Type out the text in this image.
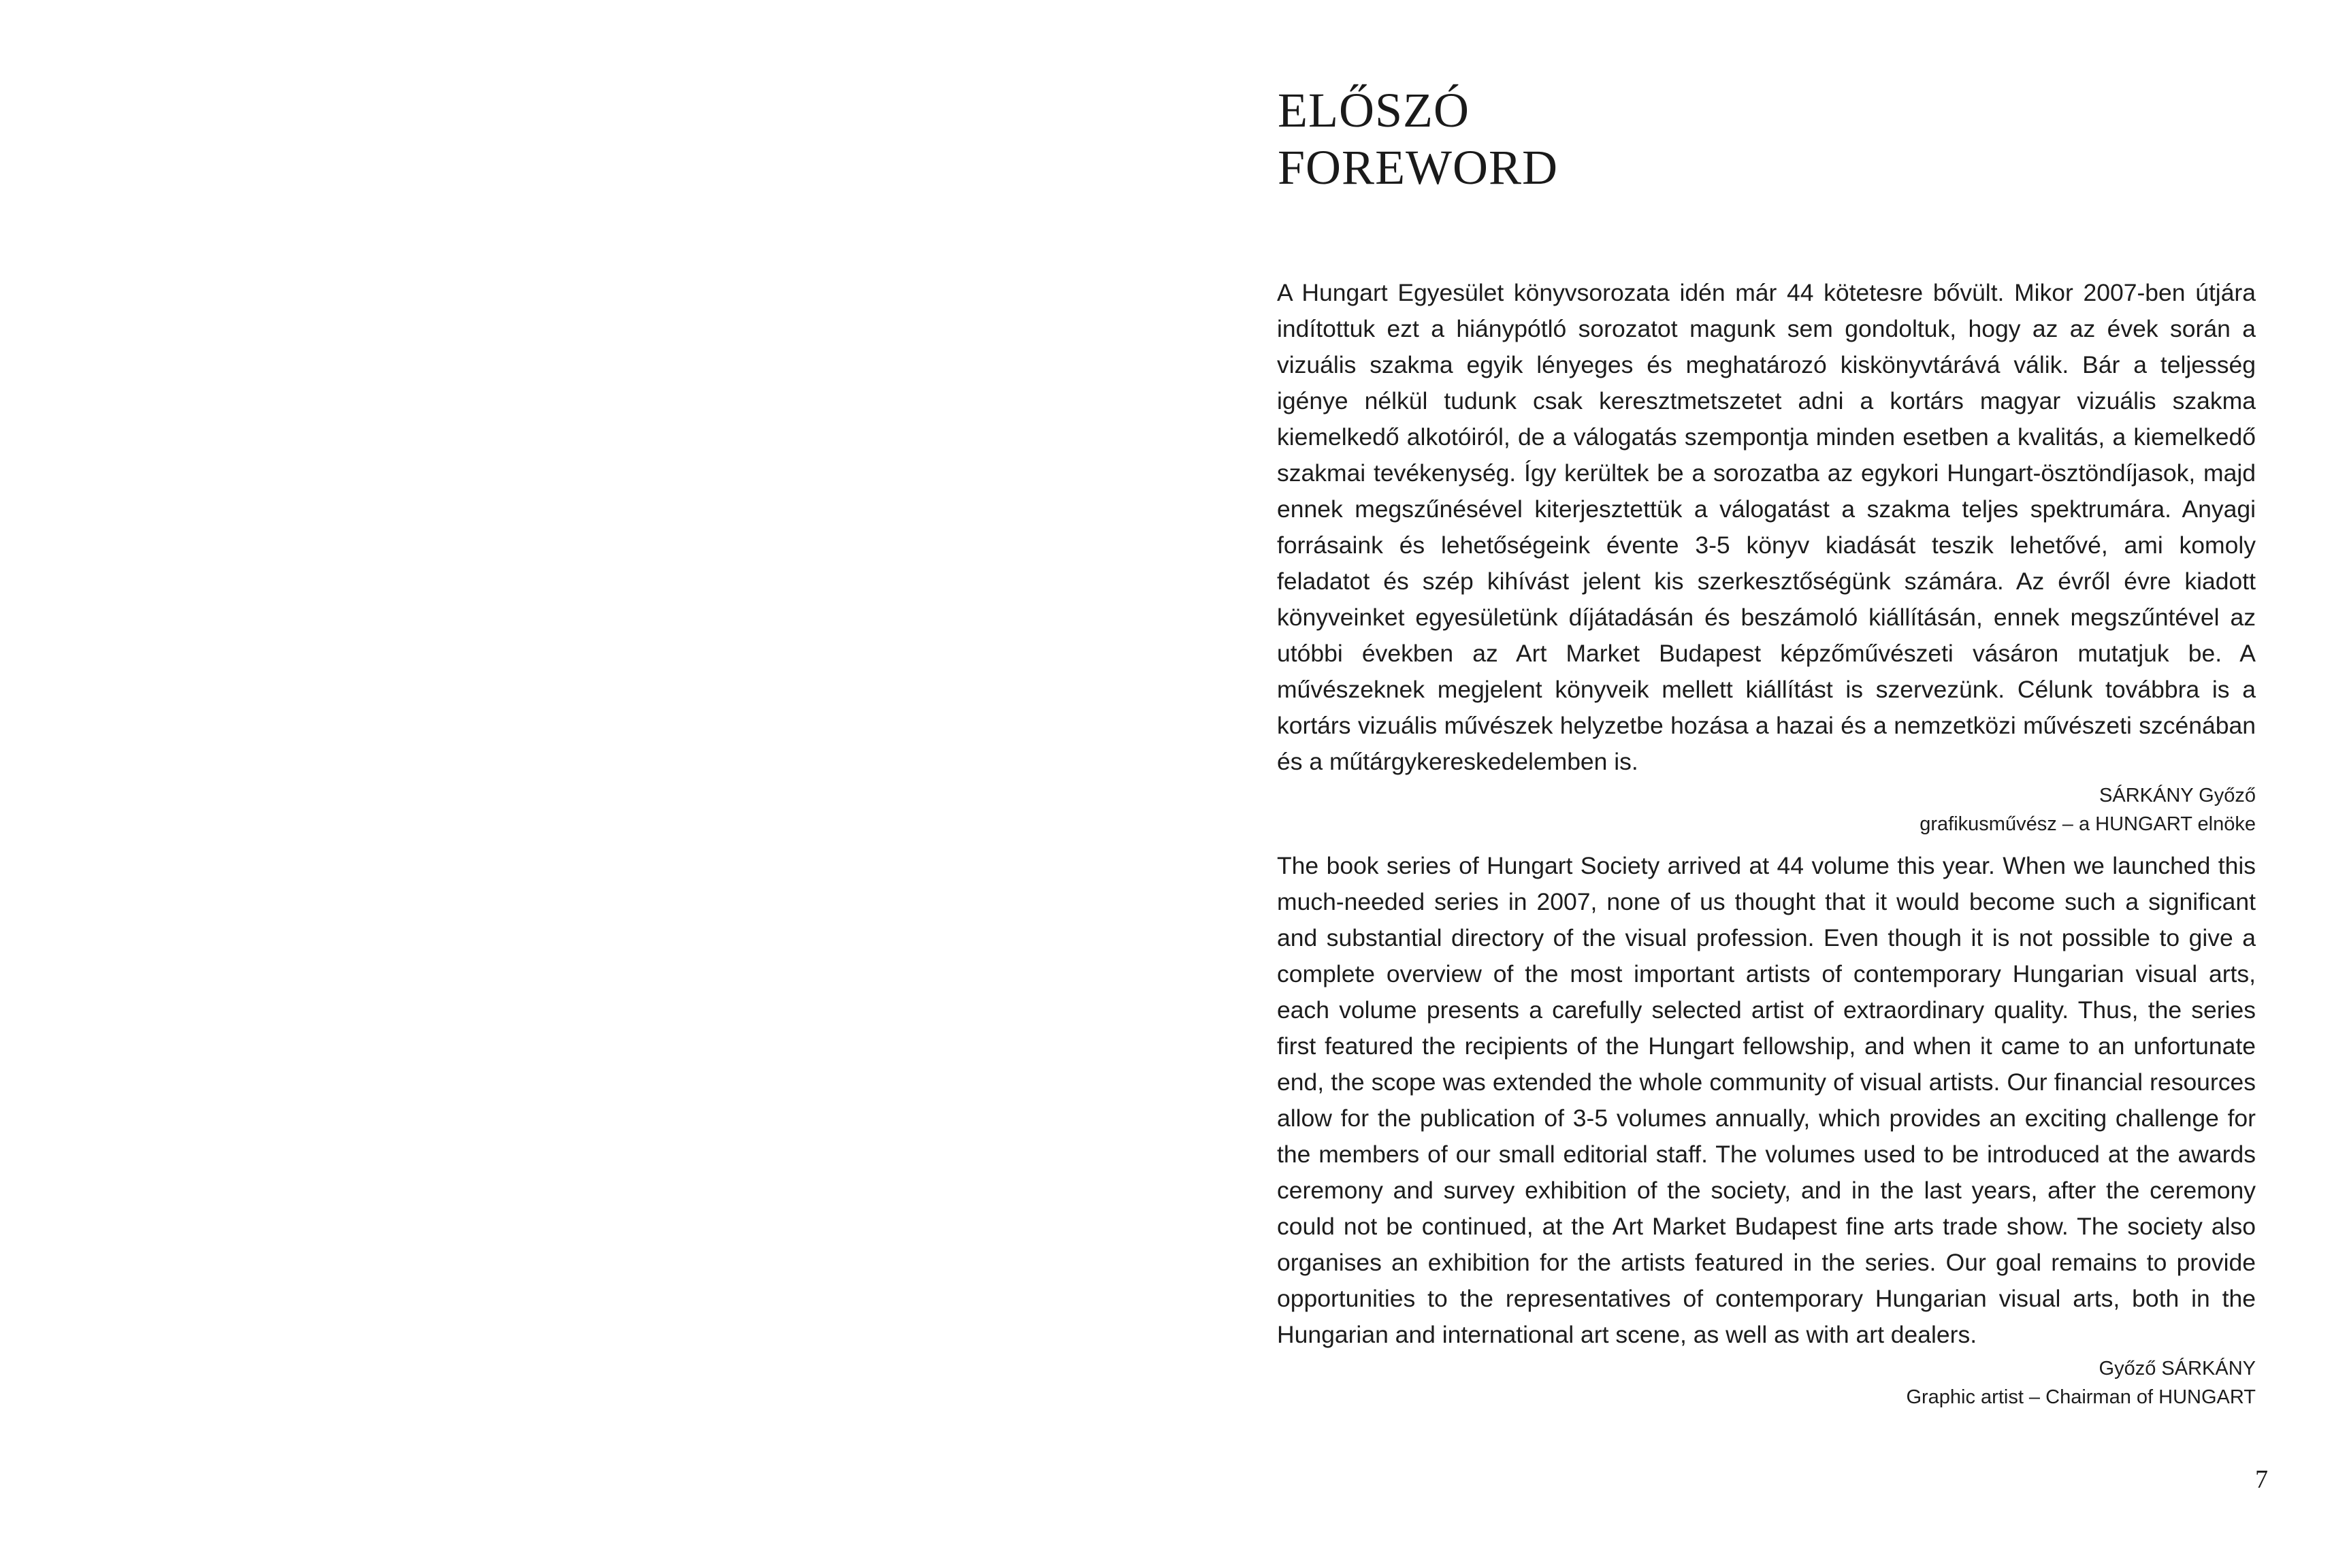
ELŐSZÓ
FOREWORD

A Hungart Egyesület könyvsorozata idén már 44 kötetesre bővült. Mikor 2007-ben útjára indítottuk ezt a hiánypótló sorozatot magunk sem gondoltuk, hogy az az évek során a vizuális szakma egyik lényeges és meghatározó kiskönyvtárává válik. Bár a teljesség igénye nélkül tudunk csak keresztmetszetet adni a kortárs magyar vizuális szakma kiemelkedő alkotóiról, de a válogatás szempontja minden esetben a kvalitás, a kiemelkedő szakmai tevékenység. Így kerültek be a sorozatba az egykori Hungart-ösztöndíjasok, majd ennek megszűnésével kiterjesztettük a válogatást a szakma teljes spektrumára. Anyagi forrásaink és lehetőségeink évente 3-5 könyv kiadását teszik lehetővé, ami komoly feladatot és szép kihívást jelent kis szerkesztőségünk számára. Az évről évre kiadott könyveinket egyesületünk díjátadásán és beszámoló kiállításán, ennek megszűntével az utóbbi években az Art Market Budapest képzőművészeti vásáron mutatjuk be. A művészeknek megjelent könyveik mellett kiállítást is szervezünk. Célunk továbbra is a kortárs vizuális művészek helyzetbe hozása a hazai és a nemzetközi művészeti szcénában és a műtárgykereskedelemben is.

SÁRKÁNY Győző
grafikusművész – a HUNGART elnöke

The book series of Hungart Society arrived at 44 volume this year. When we launched this much-needed series in 2007, none of us thought that it would become such a significant and substantial directory of the visual profession. Even though it is not possible to give a complete overview of the most important artists of contemporary Hungarian visual arts, each volume presents a carefully selected artist of extraordinary quality. Thus, the series first featured the recipients of the Hungart fellowship, and when it came to an unfortunate end, the scope was extended the whole community of visual artists. Our financial resources allow for the publication of 3-5 volumes annually, which provides an exciting challenge for the members of our small editorial staff. The volumes used to be introduced at the awards ceremony and survey exhibition of the society, and in the last years, after the ceremony could not be continued, at the Art Market Budapest fine arts trade show. The society also organises an exhibition for the artists featured in the series. Our goal remains to provide opportunities to the representatives of contemporary Hungarian visual arts, both in the Hungarian and international art scene, as well as with art dealers.

Győző SÁRKÁNY
Graphic artist – Chairman of HUNGART
7
